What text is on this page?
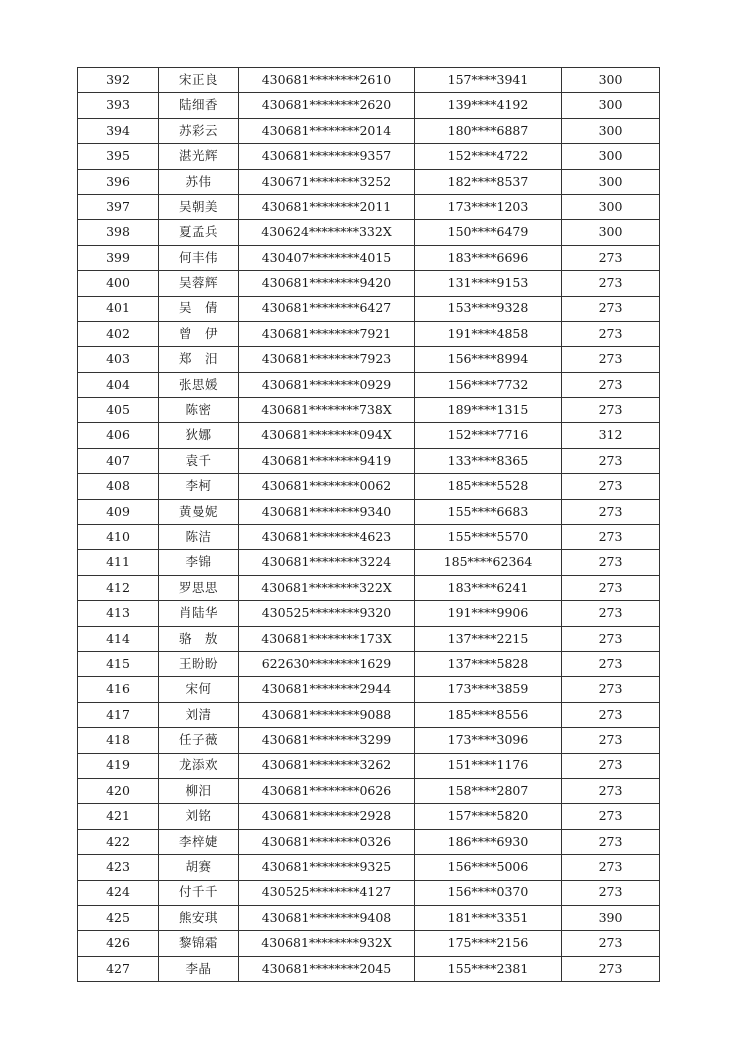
392	宋正良	430681********2610	157****3941	300
393	陆细香	430681********2620	139****4192	300
394	苏彩云	430681********2014	180****6887	300
395	湛光辉	430681********9357	152****4722	300
396	苏伟	430671********3252	182****8537	300
397	吴朝美	430681********2011	173****1203	300
398	夏孟兵	430624********332X	150****6479	300
399	何丰伟	430407********4015	183****6696	273
400	吴蓉辉	430681********9420	131****9153	273
401	吴　倩	430681********6427	153****9328	273
402	曾　伊	430681********7921	191****4858	273
403	郑　汨	430681********7923	156****8994	273
404	张思媛	430681********0929	156****7732	273
405	陈密	430681********738X	189****1315	273
406	狄娜	430681********094X	152****7716	312
407	袁千	430681********9419	133****8365	273
408	李柯	430681********0062	185****5528	273
409	黄曼妮	430681********9340	155****6683	273
410	陈洁	430681********4623	155****5570	273
411	李锦	430681********3224	185****62364	273
412	罗思思	430681********322X	183****6241	273
413	肖陆华	430525********9320	191****9906	273
414	骆　敖	430681********173X	137****2215	273
415	王盼盼	622630********1629	137****5828	273
416	宋何	430681********2944	173****3859	273
417	刘清	430681********9088	185****8556	273
418	任子薇	430681********3299	173****3096	273
419	龙添欢	430681********3262	151****1176	273
420	柳汨	430681********0626	158****2807	273
421	刘铭	430681********2928	157****5820	273
422	李梓婕	430681********0326	186****6930	273
423	胡赛	430681********9325	156****5006	273
424	付千千	430525********4127	156****0370	273
425	熊安琪	430681********9408	181****3351	390
426	黎锦霜	430681********932X	175****2156	273
427	李晶	430681********2045	155****2381	273
